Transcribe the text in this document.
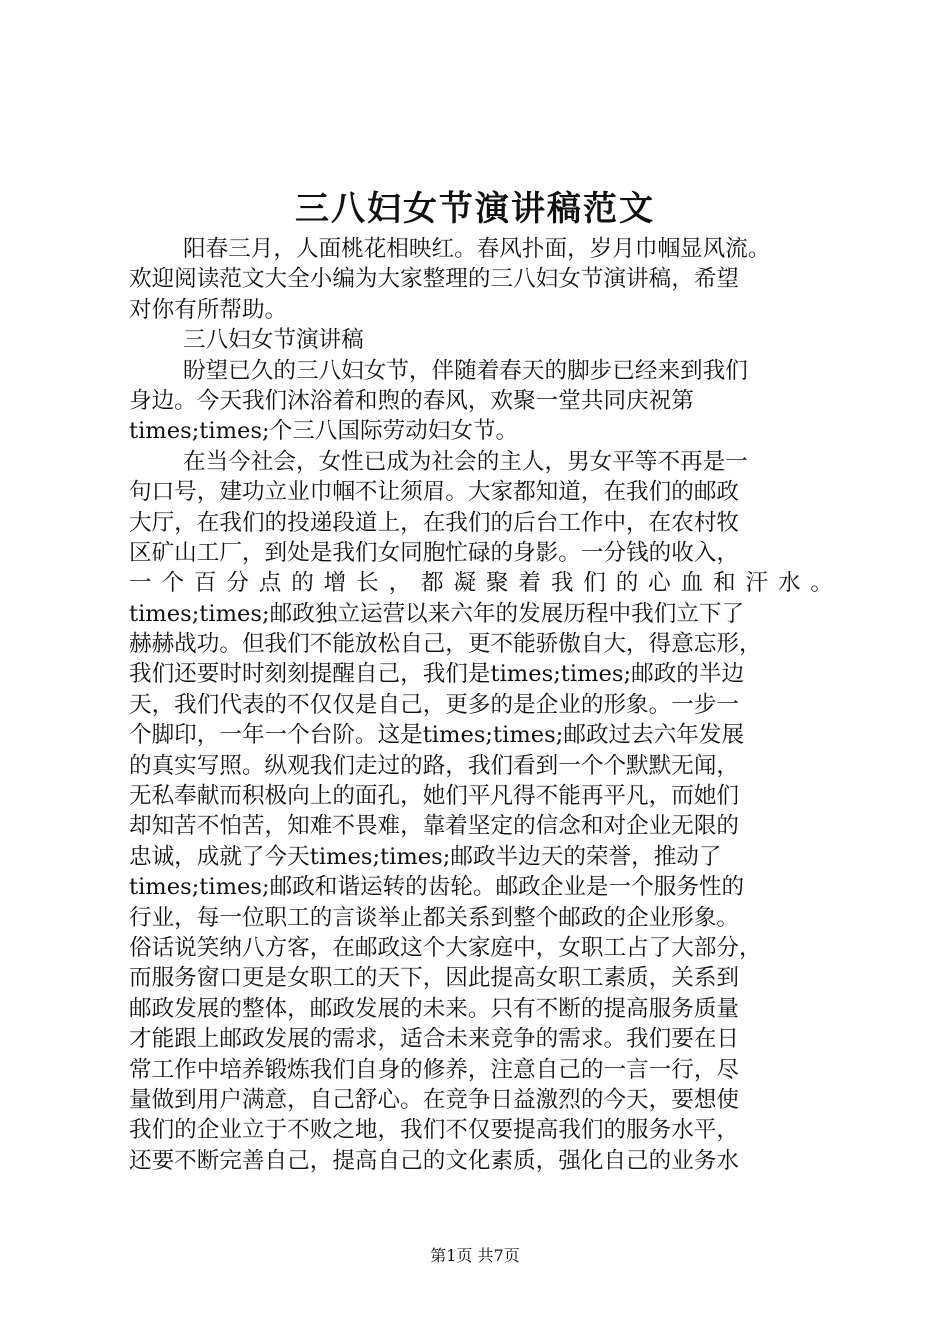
三八妇女节演讲稿范文
阳春三月，人面桃花相映红。春风扑面，岁月巾帼显风流。
欢迎阅读范文大全小编为大家整理的三八妇女节演讲稿，希望
对你有所帮助。
三八妇女节演讲稿
盼望已久的三八妇女节，伴随着春天的脚步已经来到我们
身边。今天我们沐浴着和煦的春风，欢聚一堂共同庆祝第
times;times;个三八国际劳动妇女节。
在当今社会，女性已成为社会的主人，男女平等不再是一
句口号，建功立业巾帼不让须眉。大家都知道，在我们的邮政
大厅，在我们的投递段道上，在我们的后台工作中，在农村牧
区矿山工厂，到处是我们女同胞忙碌的身影。一分钱的收入，
一个百分点的增长，都凝聚着我们的心血和汗水。
times;times;邮政独立运营以来六年的发展历程中我们立下了
赫赫战功。但我们不能放松自己，更不能骄傲自大，得意忘形，
我们还要时时刻刻提醒自己，我们是times;times;邮政的半边
天，我们代表的不仅仅是自己，更多的是企业的形象。一步一
个脚印，一年一个台阶。这是times;times;邮政过去六年发展
的真实写照。纵观我们走过的路，我们看到一个个默默无闻，
无私奉献而积极向上的面孔，她们平凡得不能再平凡，而她们
却知苦不怕苦，知难不畏难，靠着坚定的信念和对企业无限的
忠诚，成就了今天times;times;邮政半边天的荣誉，推动了
times;times;邮政和谐运转的齿轮。邮政企业是一个服务性的
行业，每一位职工的言谈举止都关系到整个邮政的企业形象。
俗话说笑纳八方客，在邮政这个大家庭中，女职工占了大部分，
而服务窗口更是女职工的天下，因此提高女职工素质，关系到
邮政发展的整体，邮政发展的未来。只有不断的提高服务质量
才能跟上邮政发展的需求，适合未来竞争的需求。我们要在日
常工作中培养锻炼我们自身的修养，注意自己的一言一行，尽
量做到用户满意，自己舒心。在竞争日益激烈的今天，要想使
我们的企业立于不败之地，我们不仅要提高我们的服务水平，
还要不断完善自己，提高自己的文化素质，强化自己的业务水
第1页 共7页
